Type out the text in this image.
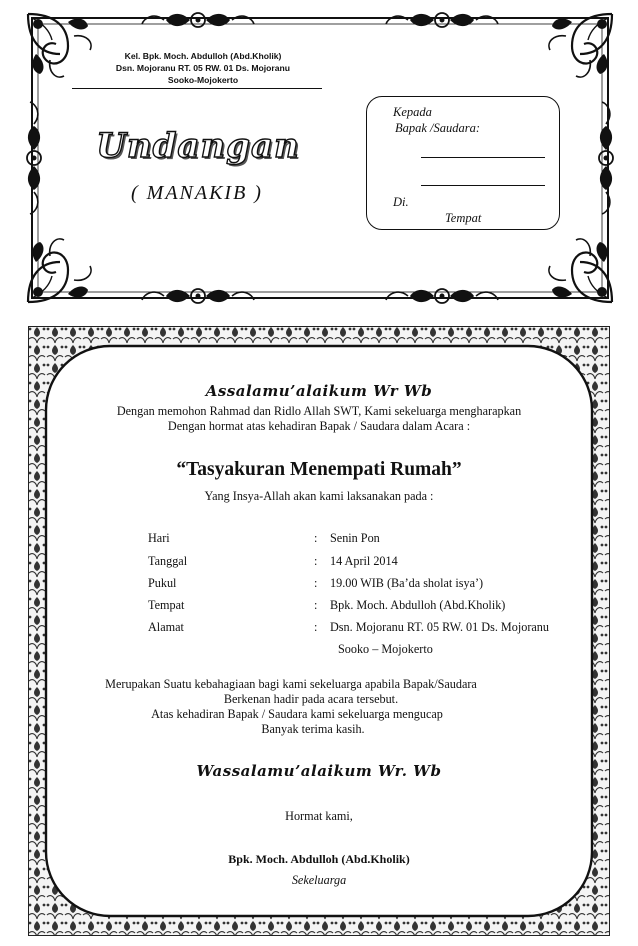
Kel. Bpk. Moch. Abdulloh (Abd.Kholik)
Dsn. Mojoranu RT. 05 RW. 01 Ds. Mojoranu
Sooko-Mojokerto
Undangan
( MANAKIB )
Kepada
Bapak /Saudara:
Di.
Tempat
Assalamu’alaikum Wr Wb
Dengan memohon Rahmad dan Ridlo Allah SWT, Kami sekeluarga mengharapkan
Dengan hormat atas kehadiran Bapak / Saudara dalam Acara :
“Tasyakuran Menempati Rumah”
Yang Insya-Allah akan kami laksanakan pada :
Hari	: Senin Pon
Tanggal	: 14 April 2014
Pukul	: 19.00 WIB (Ba’da sholat isya’)
Tempat	: Bpk. Moch. Abdulloh (Abd.Kholik)
Alamat	: Dsn. Mojoranu RT. 05 RW. 01 Ds. Mojoranu
Sooko – Mojokerto
Merupakan Suatu kebahagiaan bagi kami sekeluarga apabila Bapak/Saudara
Berkenan hadir pada acara tersebut.
Atas kehadiran Bapak / Saudara kami sekeluarga mengucap
Banyak terima kasih.
Wassalamu’alaikum Wr. Wb
Hormat kami,
Bpk. Moch. Abdulloh (Abd.Kholik)
Sekeluarga
